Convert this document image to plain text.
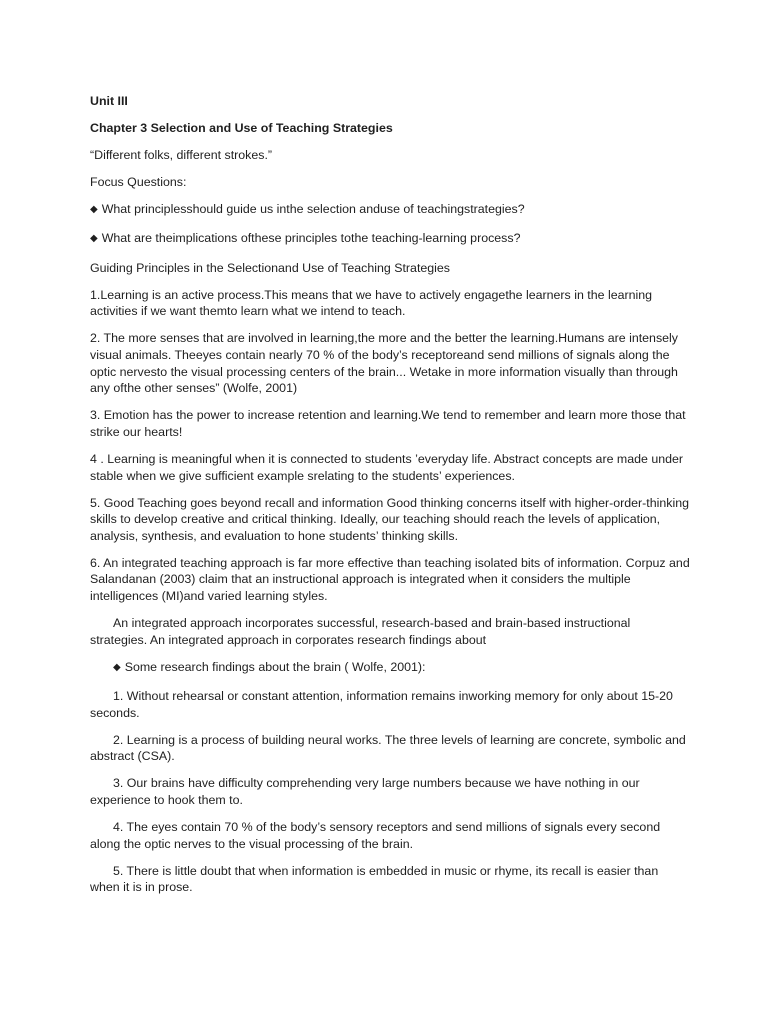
Unit III

Chapter 3 Selection and Use of Teaching Strategies

“Different folks, different strokes.”

Focus Questions:

◆ What principlesshould guide us inthe selection anduse of teachingstrategies?

◆ What are theimplications ofthese principles tothe teaching-learning process?

Guiding Principles in the Selectionand Use of Teaching Strategies

1.Learning is an active process.This means that we have to actively engagethe learners in the learning activities if we want themto learn what we intend to teach.

2. The more senses that are involved in learning,the more and the better the learning.Humans are intensely visual animals. Theeyes contain nearly 70 % of the body’s receptoreand send millions of signals along the optic nervesto the visual processing centers of the brain... Wetake in more information visually than through any ofthe other senses” (Wolfe, 2001)

3. Emotion has the power to increase retention and learning.We tend to remember and learn more those that strike our hearts!

4 . Learning is meaningful when it is connected to students ’everyday life. Abstract concepts are made under stable when we give sufficient example srelating to the students’ experiences.

5. Good Teaching goes beyond recall and information Good thinking concerns itself with higher-order-thinking skills to develop creative and critical thinking. Ideally, our teaching should reach the levels of application, analysis, synthesis, and evaluation to hone students’ thinking skills.

6. An integrated teaching approach is far more effective than teaching isolated bits of information. Corpuz and Salandanan (2003) claim that an instructional approach is integrated when it considers the multiple intelligences (MI)and varied learning styles.

An integrated approach incorporates successful, research-based and brain-based instructional strategies. An integrated approach in corporates research findings about

◆ Some research findings about the brain ( Wolfe, 2001):

1. Without rehearsal or constant attention, information remains inworking memory for only about 15-20 seconds.

2. Learning is a process of building neural works. The three levels of learning are concrete, symbolic and abstract (CSA).

3. Our brains have difficulty comprehending very large numbers because we have nothing in our experience to hook them to.

4. The eyes contain 70 % of the body’s sensory receptors and send millions of signals every second along the optic nerves to the visual processing of the brain.

5. There is little doubt that when information is embedded in music or rhyme, its recall is easier than when it is in prose.
